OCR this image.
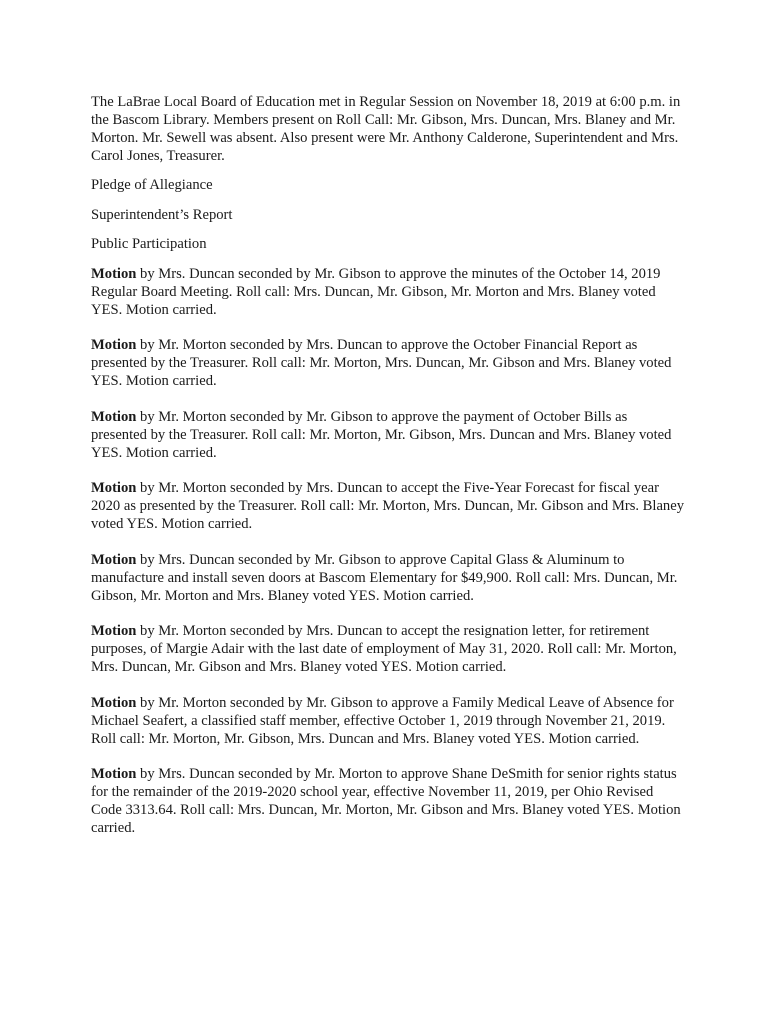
The LaBrae Local Board of Education met in Regular Session on November 18, 2019 at 6:00 p.m. in the Bascom Library. Members present on Roll Call: Mr. Gibson, Mrs. Duncan, Mrs. Blaney and Mr. Morton. Mr. Sewell was absent. Also present were Mr. Anthony Calderone, Superintendent and Mrs. Carol Jones, Treasurer.

Pledge of Allegiance

Superintendent’s Report

Public Participation

Motion by Mrs. Duncan seconded by Mr. Gibson to approve the minutes of the October 14, 2019 Regular Board Meeting. Roll call: Mrs. Duncan, Mr. Gibson, Mr. Morton and Mrs. Blaney voted YES. Motion carried.

Motion by Mr. Morton seconded by Mrs. Duncan to approve the October Financial Report as presented by the Treasurer. Roll call: Mr. Morton, Mrs. Duncan, Mr. Gibson and Mrs. Blaney voted YES. Motion carried.

Motion by Mr. Morton seconded by Mr. Gibson to approve the payment of October Bills as presented by the Treasurer. Roll call: Mr. Morton, Mr. Gibson, Mrs. Duncan and Mrs. Blaney voted YES. Motion carried.

Motion by Mr. Morton seconded by Mrs. Duncan to accept the Five-Year Forecast for fiscal year 2020 as presented by the Treasurer. Roll call: Mr. Morton, Mrs. Duncan, Mr. Gibson and Mrs. Blaney voted YES. Motion carried.

Motion by Mrs. Duncan seconded by Mr. Gibson to approve Capital Glass & Aluminum to manufacture and install seven doors at Bascom Elementary for $49,900. Roll call: Mrs. Duncan, Mr. Gibson, Mr. Morton and Mrs. Blaney voted YES. Motion carried.

Motion by Mr. Morton seconded by Mrs. Duncan to accept the resignation letter, for retirement purposes, of Margie Adair with the last date of employment of May 31, 2020. Roll call: Mr. Morton, Mrs. Duncan, Mr. Gibson and Mrs. Blaney voted YES. Motion carried.

Motion by Mr. Morton seconded by Mr. Gibson to approve a Family Medical Leave of Absence for Michael Seafert, a classified staff member, effective October 1, 2019 through November 21, 2019. Roll call: Mr. Morton, Mr. Gibson, Mrs. Duncan and Mrs. Blaney voted YES. Motion carried.

Motion by Mrs. Duncan seconded by Mr. Morton to approve Shane DeSmith for senior rights status for the remainder of the 2019-2020 school year, effective November 11, 2019, per Ohio Revised Code 3313.64. Roll call: Mrs. Duncan, Mr. Morton, Mr. Gibson and Mrs. Blaney voted YES. Motion carried.
